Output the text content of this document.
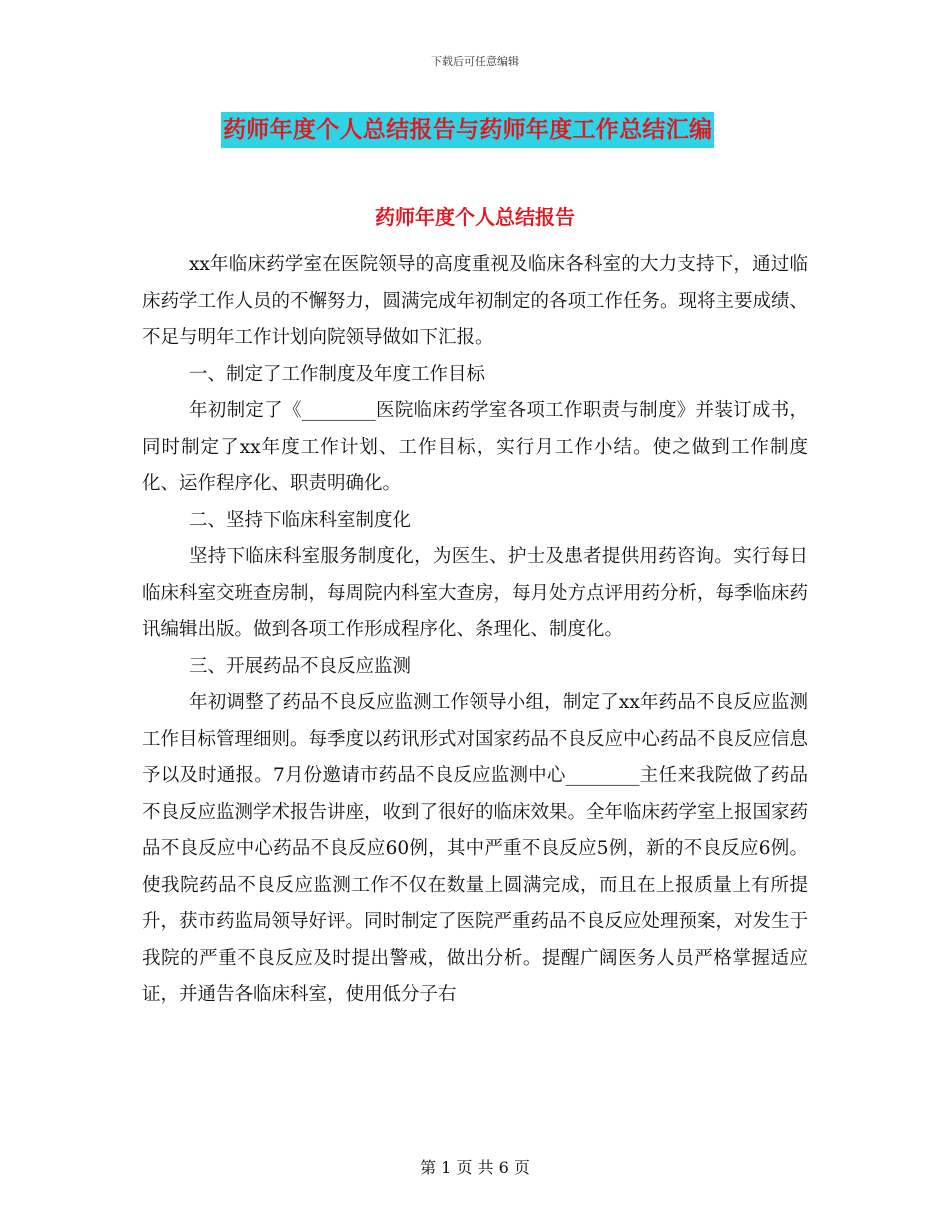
下载后可任意编辑
药师年度个人总结报告与药师年度工作总结汇编
药师年度个人总结报告

xx年临床药学室在医院领导的高度重视及临床各科室的大力支持下，通过临床药学工作人员的不懈努力，圆满完成年初制定的各项工作任务。现将主要成绩、不足与明年工作计划向院领导做如下汇报。

一、制定了工作制度及年度工作目标

年初制定了《________医院临床药学室各项工作职责与制度》并装订成书，同时制定了xx年度工作计划、工作目标，实行月工作小结。使之做到工作制度化、运作程序化、职责明确化。

二、坚持下临床科室制度化

坚持下临床科室服务制度化，为医生、护士及患者提供用药咨询。实行每日临床科室交班查房制，每周院内科室大查房，每月处方点评用药分析，每季临床药讯编辑出版。做到各项工作形成程序化、条理化、制度化。

三、开展药品不良反应监测

年初调整了药品不良反应监测工作领导小组，制定了xx年药品不良反应监测工作目标管理细则。每季度以药讯形式对国家药品不良反应中心药品不良反应信息予以及时通报。7月份邀请市药品不良反应监测中心________主任来我院做了药品不良反应监测学术报告讲座，收到了很好的临床效果。全年临床药学室上报国家药品不良反应中心药品不良反应60例，其中严重不良反应5例，新的不良反应6例。使我院药品不良反应监测工作不仅在数量上圆满完成，而且在上报质量上有所提升，获市药监局领导好评。同时制定了医院严重药品不良反应处理预案，对发生于我院的严重不良反应及时提出警戒，做出分析。提醒广阔医务人员严格掌握适应证，并通告各临床科室，使用低分子右

第 1 页 共 6 页
